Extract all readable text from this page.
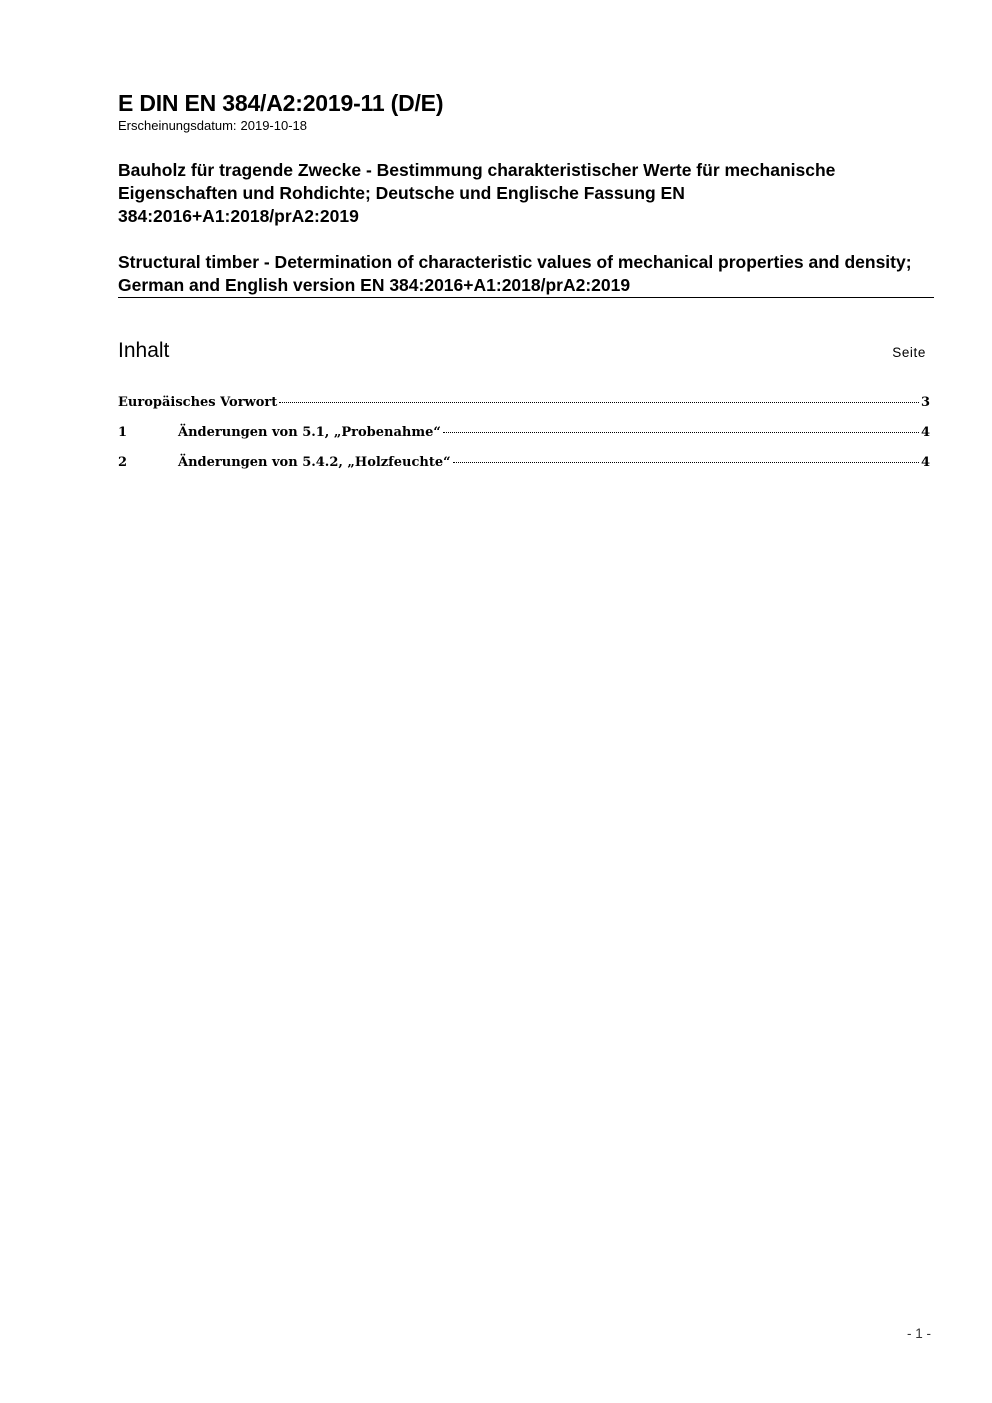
E DIN EN 384/A2:2019-11 (D/E)

Erscheinungsdatum: 2019-10-18

Bauholz für tragende Zwecke - Bestimmung charakteristischer Werte für mechanische Eigenschaften und Rohdichte; Deutsche und Englische Fassung EN 384:2016+A1:2018/prA2:2019

Structural timber - Determination of characteristic values of mechanical properties and density; German and English version EN 384:2016+A1:2018/prA2:2019

Inhalt	Seite
Europäisches Vorwort	3
1	Änderungen von 5.1, „Probenahme“	4
2	Änderungen von 5.4.2, „Holzfeuchte“	4
- 1 -
